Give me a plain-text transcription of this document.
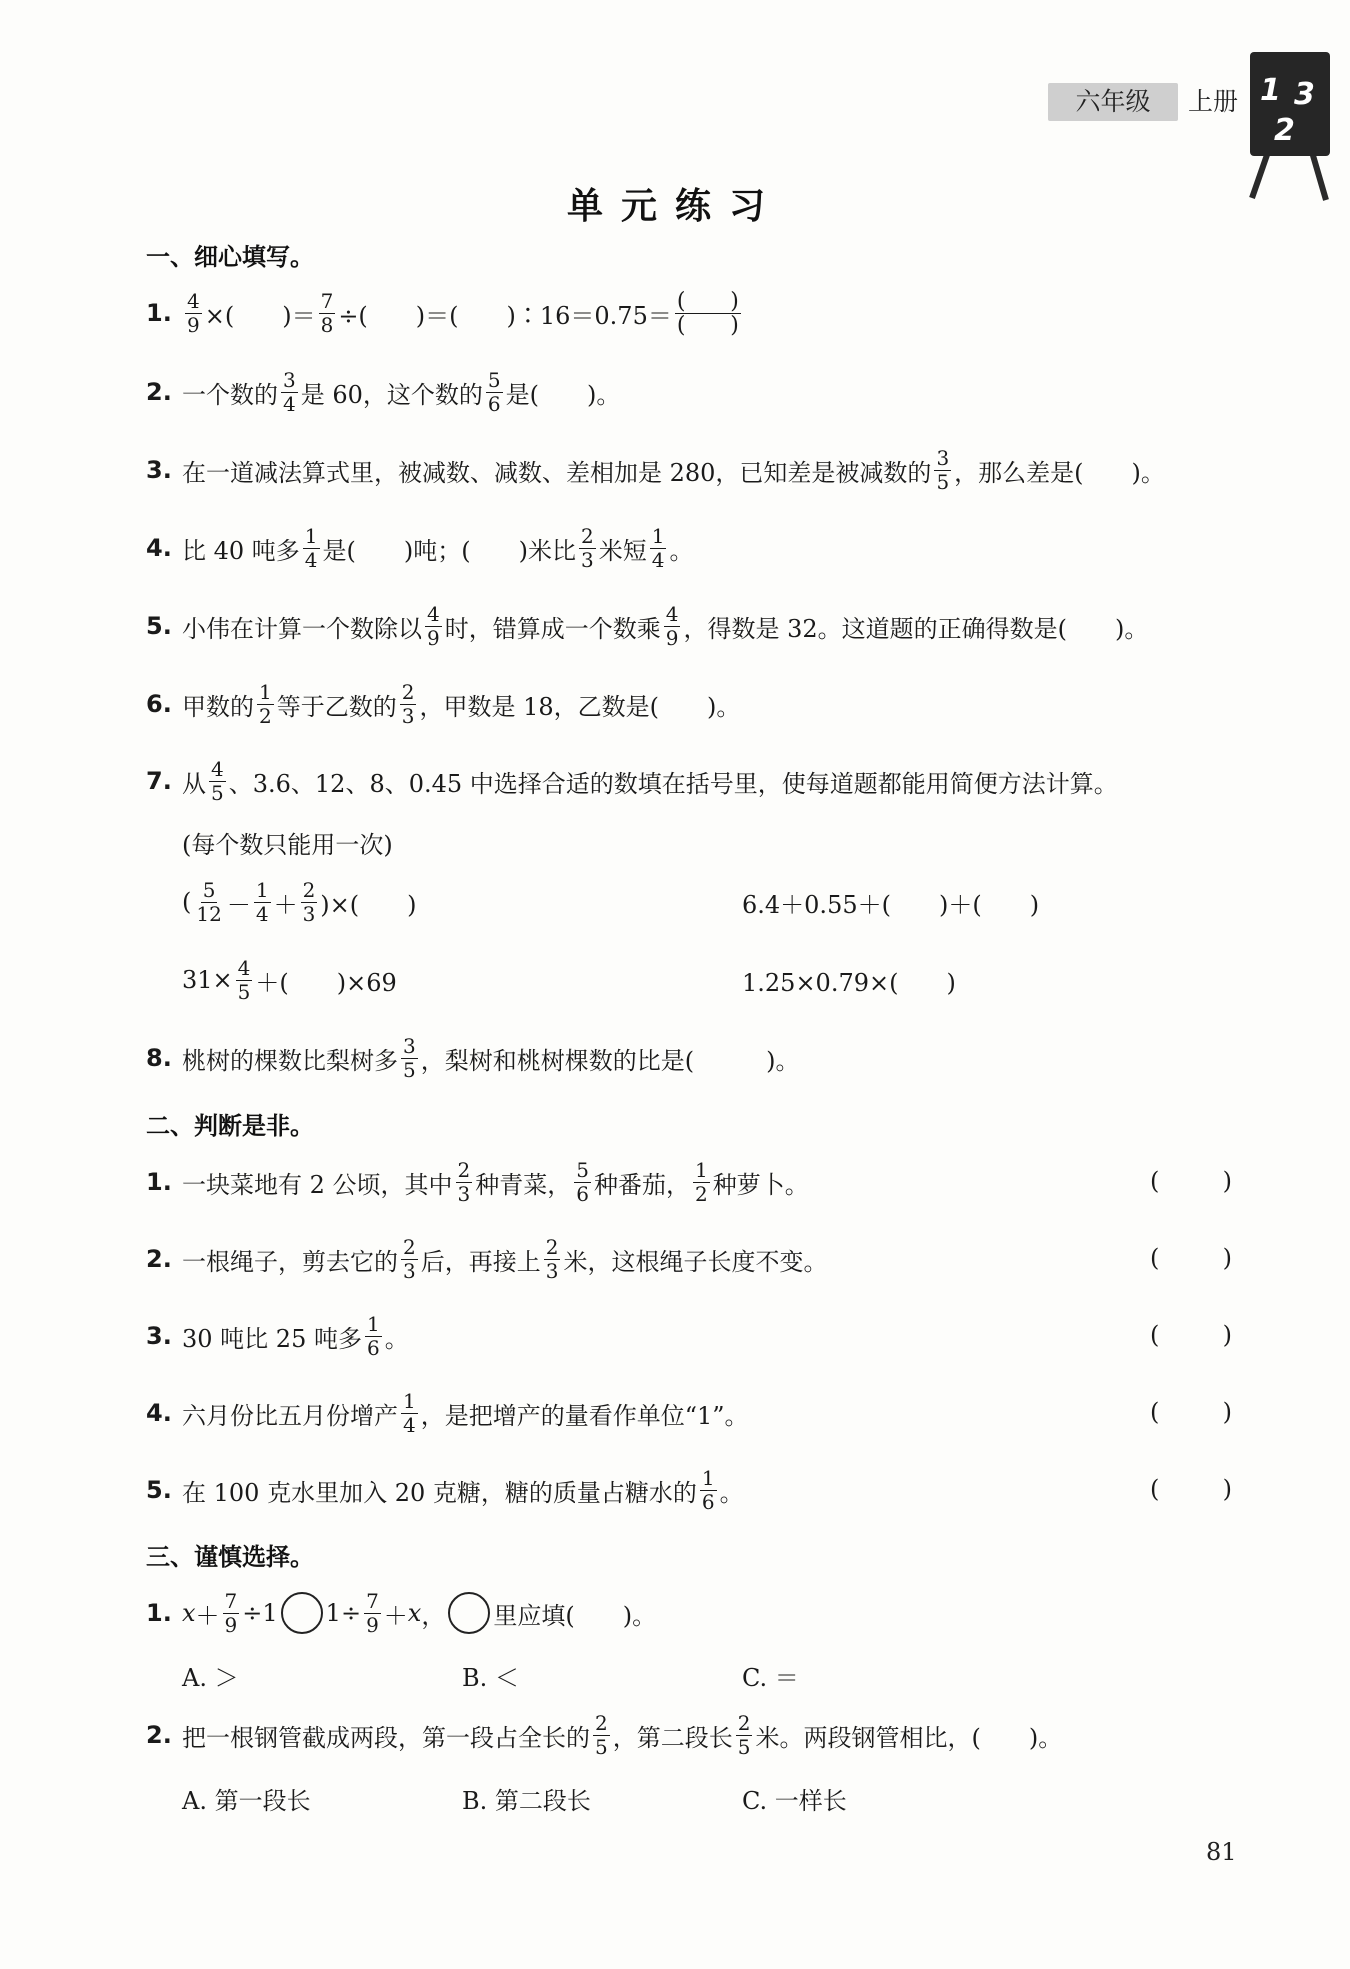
六年级	上册 1 3
2
单元练习
一、细心填写。
1. $\frac{4}{9}$ ×(　　)＝ $\frac{7}{8}$ ÷(　　)＝(　　)∶16＝0.75＝ $\frac{( )}{( )}$
2. 一个数的 $\frac{3}{4}$ 是 60，这个数的 $\frac{5}{6}$ 是(　　)。
3. 在一道减法算式里，被减数、减数、差相加是 280，已知差是被减数的 $\frac{3}{5}$ ，那么差是(　　)。
4. 比 40 吨多 $\frac{1}{4}$ 是(　　)吨；(　　)米比 $\frac{2}{3}$ 米短 $\frac{1}{4}$ 。
5. 小伟在计算一个数除以 $\frac{4}{9}$ 时，错算成一个数乘 $\frac{4}{9}$ ，得数是 32。这道题的正确得数是(　　)。
6. 甲数的 $\frac{1}{2}$ 等于乙数的 $\frac{2}{3}$ ，甲数是 18，乙数是(　　)。
7. 从 $\frac{4}{5}$ 、3.6、12、8、0.45 中选择合适的数填在括号里，使每道题都能用简便方法计算。
(每个数只能用一次)
( $\frac{5}{12} - \frac{1}{4} + \frac{2}{3}$ )×(　　)	6.4＋0.55＋(　　)＋(　　)
$31\times \frac{4}{5}$ ＋(　　)×69	1.25×0.79×(　　)
8. 桃树的棵数比梨树多 $\frac{3}{5}$ ，梨树和桃树棵数的比是(　　　)。
二、判断是非。
1. 一块菜地有 2 公顷，其中 $\frac{2}{3}$ 种青菜， $\frac{5}{6}$ 种番茄， $\frac{1}{2}$ 种萝卜。	(	)
2. 一根绳子，剪去它的 $\frac{2}{3}$ 后，再接上 $\frac{2}{3}$ 米，这根绳子长度不变。	(	)
3. 30 吨比 25 吨多 $\frac{1}{6}$ 。	(	)
4. 六月份比五月份增产 $\frac{1}{4}$ ，是把增产的量看作单位“1”。	(	)
5. 在 100 克水里加入 20 克糖，糖的质量占糖水的 $\frac{1}{6}$ 。	(	)
三、谨慎选择。
1. $x + \frac{7}{9} \div 1$ $1\div \frac{7}{9} + x$ ， 里应填(　　)。
A. ＞	B. ＜	C. ＝
2. 把一根钢管截成两段，第一段占全长的 $\frac{2}{5}$ ，第二段长 $\frac{2}{5}$ 米。两段钢管相比，(　　)。
A. 第一段长	B. 第二段长	C. 一样长
81
